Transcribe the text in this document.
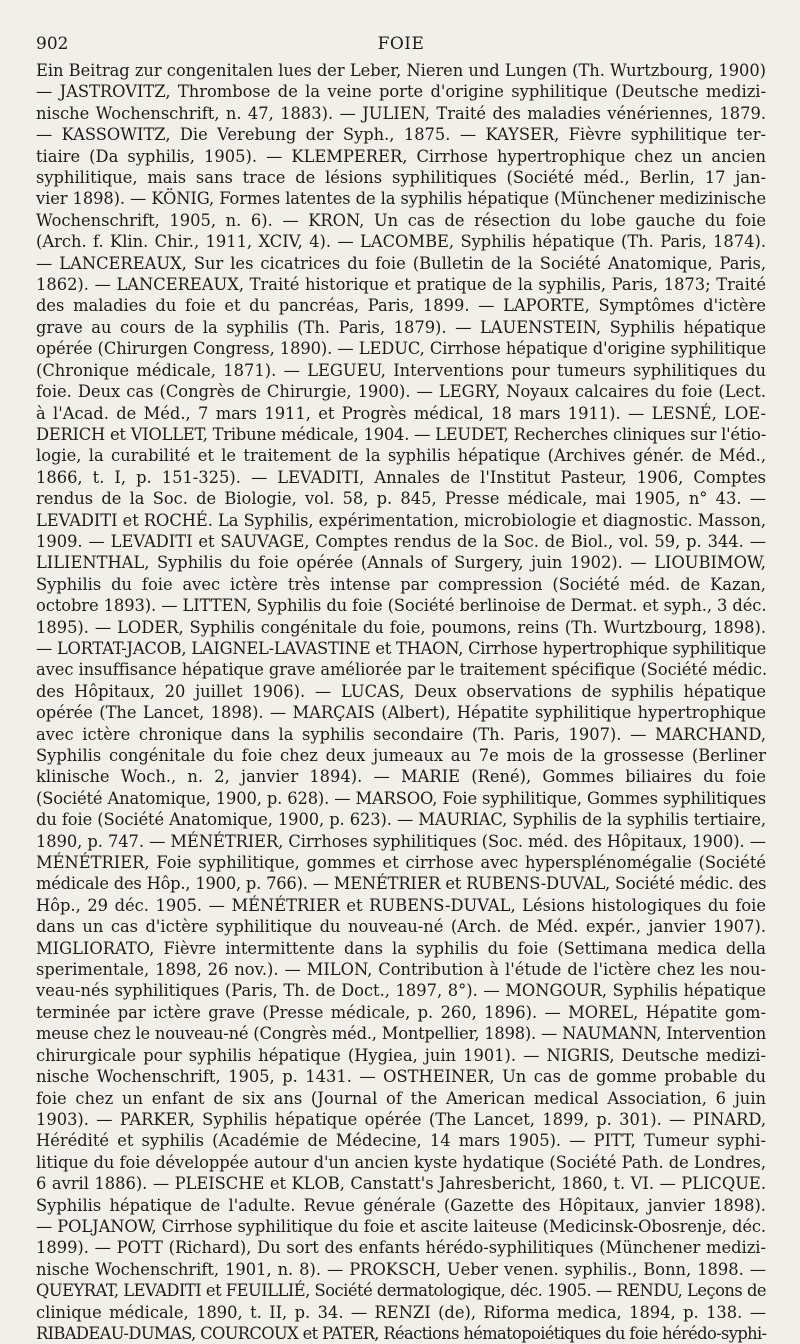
902	FOIE

Ein Beitrag zur congenitalen lues der Leber, Nieren und Lungen (Th. Wurtzbourg, 1900)
— JASTROVITZ, Thrombose de la veine porte d'origine syphilitique (Deutsche medizi-
nische Wochenschrift, n. 47, 1883). — JULIEN, Traité des maladies vénériennes, 1879.
— KASSOWITZ, Die Verebung der Syph., 1875. — KAYSER, Fièvre syphilitique ter-
tiaire (Da syphilis, 1905). — KLEMPERER, Cirrhose hypertrophique chez un ancien
syphilitique, mais sans trace de lésions syphilitiques (Société méd., Berlin, 17 jan-
vier 1898). — KÖNIG, Formes latentes de la syphilis hépatique (Münchener medizinische
Wochenschrift, 1905, n. 6). — KRON, Un cas de résection du lobe gauche du foie
(Arch. f. Klin. Chir., 1911, XCIV, 4). — LACOMBE, Syphilis hépatique (Th. Paris, 1874).
— LANCEREAUX, Sur les cicatrices du foie (Bulletin de la Société Anatomique, Paris,
1862). — LANCEREAUX, Traité historique et pratique de la syphilis, Paris, 1873; Traité
des maladies du foie et du pancréas, Paris, 1899. — LAPORTE, Symptômes d'ictère
grave au cours de la syphilis (Th. Paris, 1879). — LAUENSTEIN, Syphilis hépatique
opérée (Chirurgen Congress, 1890). — LEDUC, Cirrhose hépatique d'origine syphilitique
(Chronique médicale, 1871). — LEGUEU, Interventions pour tumeurs syphilitiques du
foie. Deux cas (Congrès de Chirurgie, 1900). — LEGRY, Noyaux calcaires du foie (Lect.
à l'Acad. de Méd., 7 mars 1911, et Progrès médical, 18 mars 1911). — LESNÉ, LOE-
DERICH et VIOLLET, Tribune médicale, 1904. — LEUDET, Recherches cliniques sur l'étio-
logie, la curabilité et le traitement de la syphilis hépatique (Archives génér. de Méd.,
1866, t. I, p. 151-325). — LEVADITI, Annales de l'Institut Pasteur, 1906, Comptes
rendus de la Soc. de Biologie, vol. 58, p. 845, Presse médicale, mai 1905, n° 43. —
LEVADITI et ROCHÉ. La Syphilis, expérimentation, microbiologie et diagnostic. Masson,
1909. — LEVADITI et SAUVAGE, Comptes rendus de la Soc. de Biol., vol. 59, p. 344. —
LILIENTHAL, Syphilis du foie opérée (Annals of Surgery, juin 1902). — LIOUBIMOW,
Syphilis du foie avec ictère très intense par compression (Société méd. de Kazan,
octobre 1893). — LITTEN, Syphilis du foie (Société berlinoise de Dermat. et syph., 3 déc.
1895). — LODER, Syphilis congénitale du foie, poumons, reins (Th. Wurtzbourg, 1898).
— LORTAT-JACOB, LAIGNEL-LAVASTINE et THAON, Cirrhose hypertrophique syphilitique
avec insuffisance hépatique grave améliorée par le traitement spécifique (Société médic.
des Hôpitaux, 20 juillet 1906). — LUCAS, Deux observations de syphilis hépatique
opérée (The Lancet, 1898). — MARÇAIS (Albert), Hépatite syphilitique hypertrophique
avec ictère chronique dans la syphilis secondaire (Th. Paris, 1907). — MARCHAND,
Syphilis congénitale du foie chez deux jumeaux au 7e mois de la grossesse (Berliner
klinische Woch., n. 2, janvier 1894). — MARIE (René), Gommes biliaires du foie
(Société Anatomique, 1900, p. 628). — MARSOO, Foie syphilitique, Gommes syphilitiques
du foie (Société Anatomique, 1900, p. 623). — MAURIAC, Syphilis de la syphilis tertiaire,
1890, p. 747. — MÉNÉTRIER, Cirrhoses syphilitiques (Soc. méd. des Hôpitaux, 1900). —
MÉNÉTRIER, Foie syphilitique, gommes et cirrhose avec hypersplénomégalie (Société
médicale des Hôp., 1900, p. 766). — MENÉTRIER et RUBENS-DUVAL, Société médic. des
Hôp., 29 déc. 1905. — MÉNÉTRIER et RUBENS-DUVAL, Lésions histologiques du foie
dans un cas d'ictère syphilitique du nouveau-né (Arch. de Méd. expér., janvier 1907).
MIGLIORATO, Fièvre intermittente dans la syphilis du foie (Settimana medica della
sperimentale, 1898, 26 nov.). — MILON, Contribution à l'étude de l'ictère chez les nou-
veau-nés syphilitiques (Paris, Th. de Doct., 1897, 8°). — MONGOUR, Syphilis hépatique
terminée par ictère grave (Presse médicale, p. 260, 1896). — MOREL, Hépatite gom-
meuse chez le nouveau-né (Congrès méd., Montpellier, 1898). — NAUMANN, Intervention
chirurgicale pour syphilis hépatique (Hygiea, juin 1901). — NIGRIS, Deutsche medizi-
nische Wochenschrift, 1905, p. 1431. — OSTHEINER, Un cas de gomme probable du
foie chez un enfant de six ans (Journal of the American medical Association, 6 juin
1903). — PARKER, Syphilis hépatique opérée (The Lancet, 1899, p. 301). — PINARD,
Hérédité et syphilis (Académie de Médecine, 14 mars 1905). — PITT, Tumeur syphi-
litique du foie développée autour d'un ancien kyste hydatique (Société Path. de Londres,
6 avril 1886). — PLEISCHE et KLOB, Canstatt's Jahresbericht, 1860, t. VI. — PLICQUE.
Syphilis hépatique de l'adulte. Revue générale (Gazette des Hôpitaux, janvier 1898).
— POLJANOW, Cirrhose syphilitique du foie et ascite laiteuse (Medicinsk-Obosrenje, déc.
1899). — POTT (Richard), Du sort des enfants hérédo-syphilitiques (Münchener medizi-
nische Wochenschrift, 1901, n. 8). — PROKSCH, Ueber venen. syphilis., Bonn, 1898. —
QUEYRAT, LEVADITI et FEUILLIÉ, Société dermatologique, déc. 1905. — RENDU, Leçons de
clinique médicale, 1890, t. II, p. 34. — RENZI (de), Riforma medica, 1894, p. 138. —
RIBADEAU-DUMAS, COURCOUX et PATER, Réactions hématopoiétiques du foie hérédo-syphi-
